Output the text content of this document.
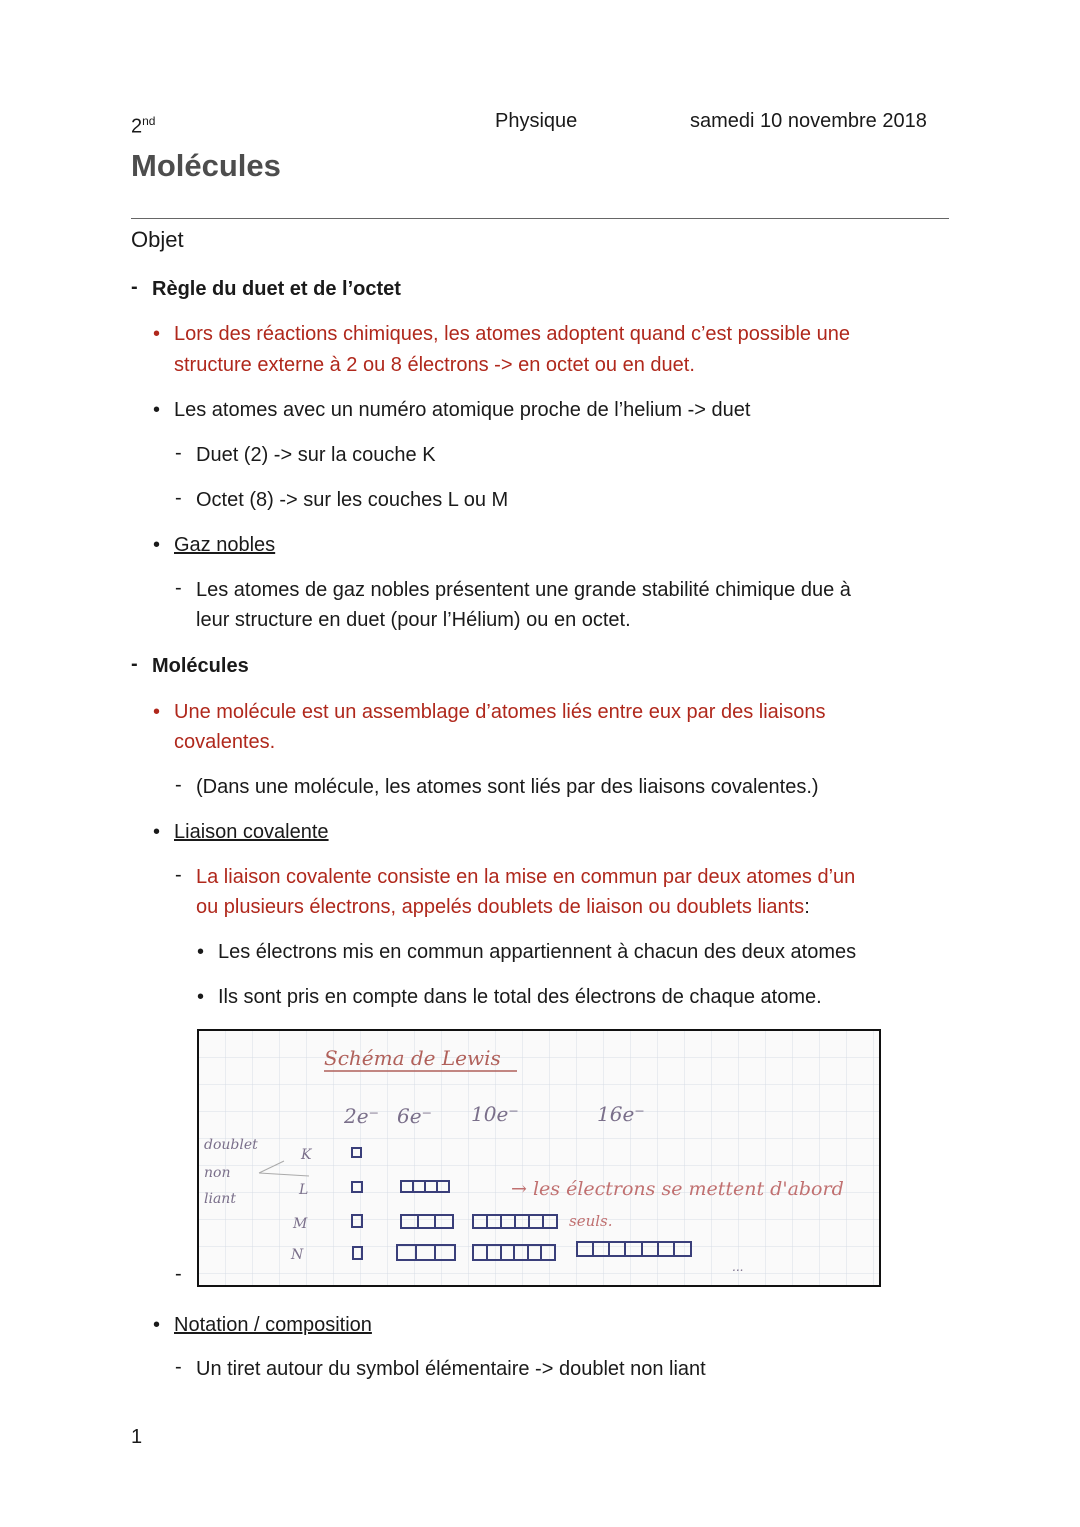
2nd	Physique	samedi 10 novembre 2018
Molécules
Objet
- Règle du duet et de l’octet
• Lors des réactions chimiques, les atomes adoptent quand c’est possible une
structure externe à 2 ou 8 électrons -> en octet ou en duet.
• Les atomes avec un numéro atomique proche de l’helium -> duet
- Duet (2) -> sur la couche K
- Octet (8) -> sur les couches L ou M
• Gaz nobles
- Les atomes de gaz nobles présentent une grande stabilité chimique due à
leur structure en duet (pour l’Hélium) ou en octet.
- Molécules
• Une molécule est un assemblage d’atomes liés entre eux par des liaisons
covalentes.
- (Dans une molécule, les atomes sont liés par des liaisons covalentes.)
• Liaison covalente
- La liaison covalente consiste en la mise en commun par deux atomes d’un
ou plusieurs électrons, appelés doublets de liaison ou doublets liants:
• Les électrons mis en commun appartiennent à chacun des deux atomes
• Ils sont pris en compte dans le total des électrons de chaque atome.
-
Schéma de Lewis
2e⁻ 6e⁻ 10e⁻	16e⁻
doublet
non
liant
K
L
M
N
→ les électrons se mettent d'abord
seuls.
...
• Notation / composition
- Un tiret autour du symbol élémentaire -> doublet non liant
1
